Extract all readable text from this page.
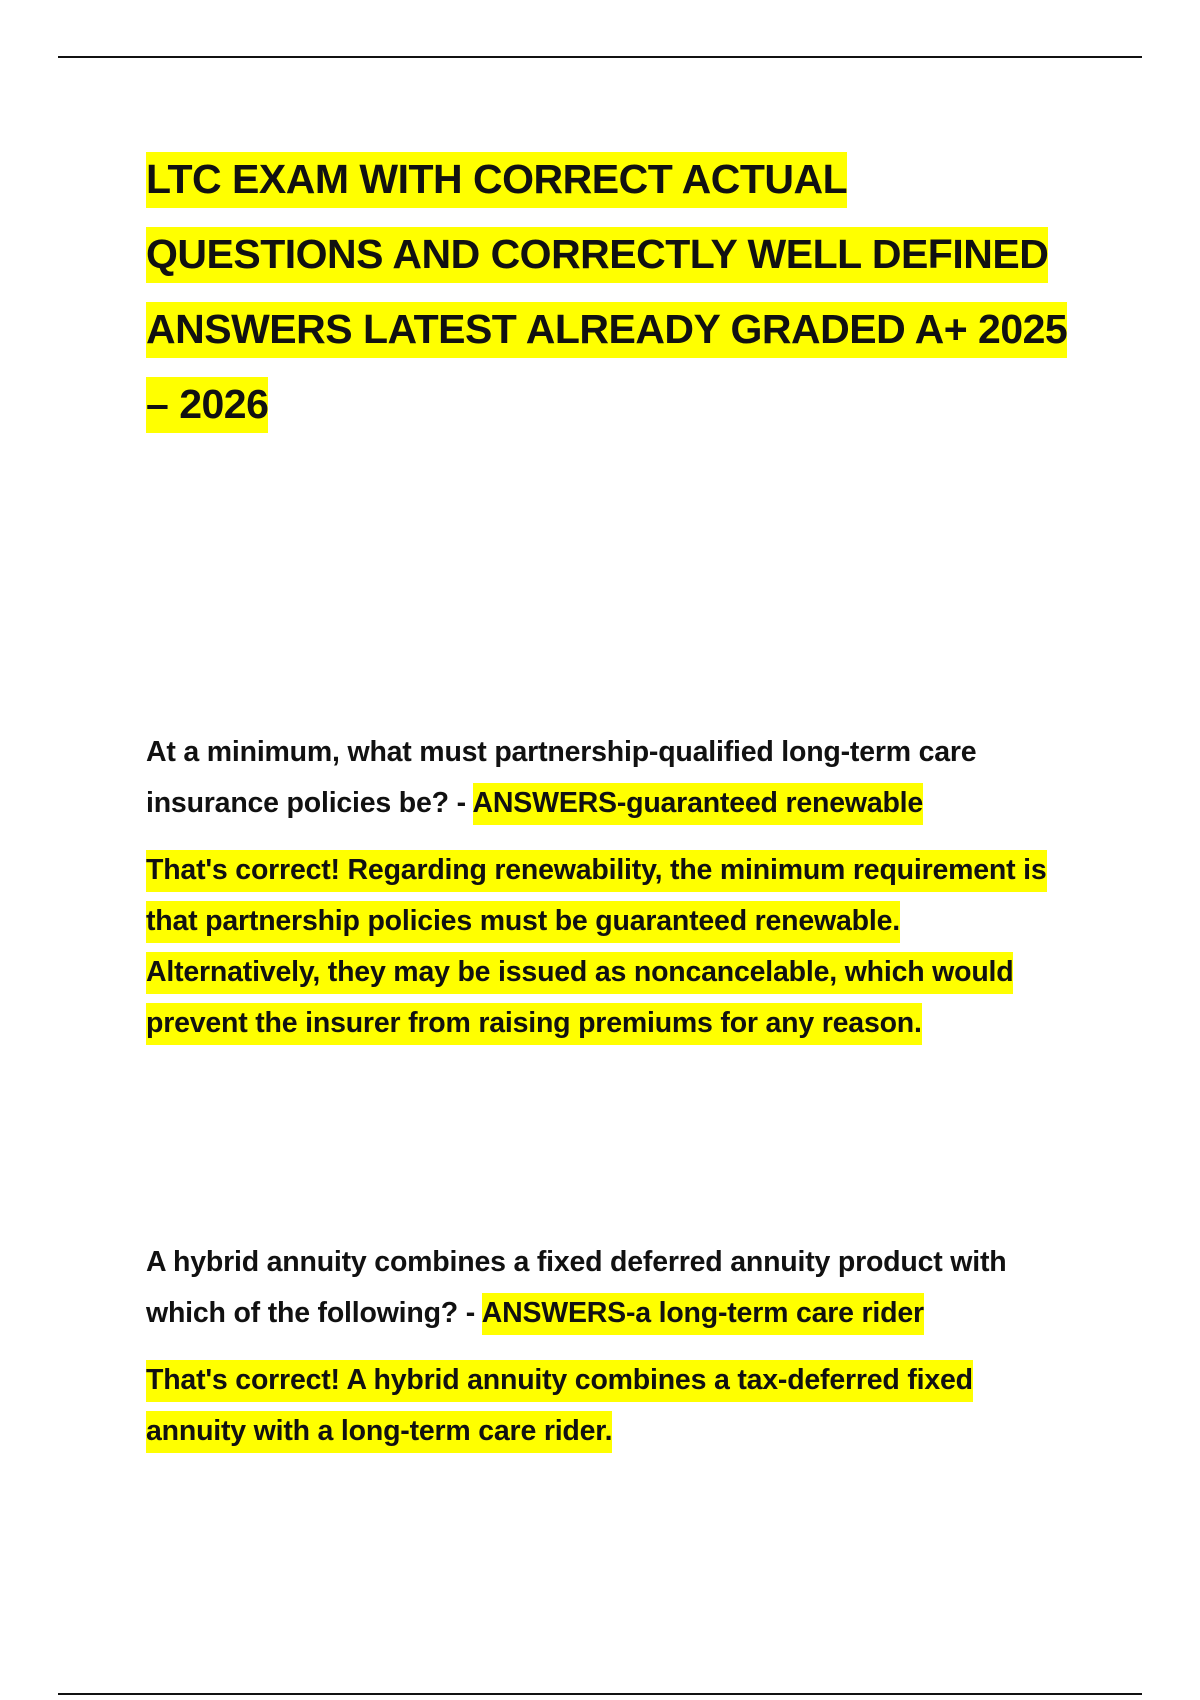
LTC EXAM WITH CORRECT ACTUAL QUESTIONS AND CORRECTLY WELL DEFINED ANSWERS LATEST ALREADY GRADED A+ 2025 – 2026

At a minimum, what must partnership-qualified long-term care insurance policies be? - ANSWERS-guaranteed renewable

That's correct! Regarding renewability, the minimum requirement is that partnership policies must be guaranteed renewable. Alternatively, they may be issued as noncancelable, which would prevent the insurer from raising premiums for any reason.

A hybrid annuity combines a fixed deferred annuity product with which of the following? - ANSWERS-a long-term care rider

That's correct! A hybrid annuity combines a tax-deferred fixed annuity with a long-term care rider.
